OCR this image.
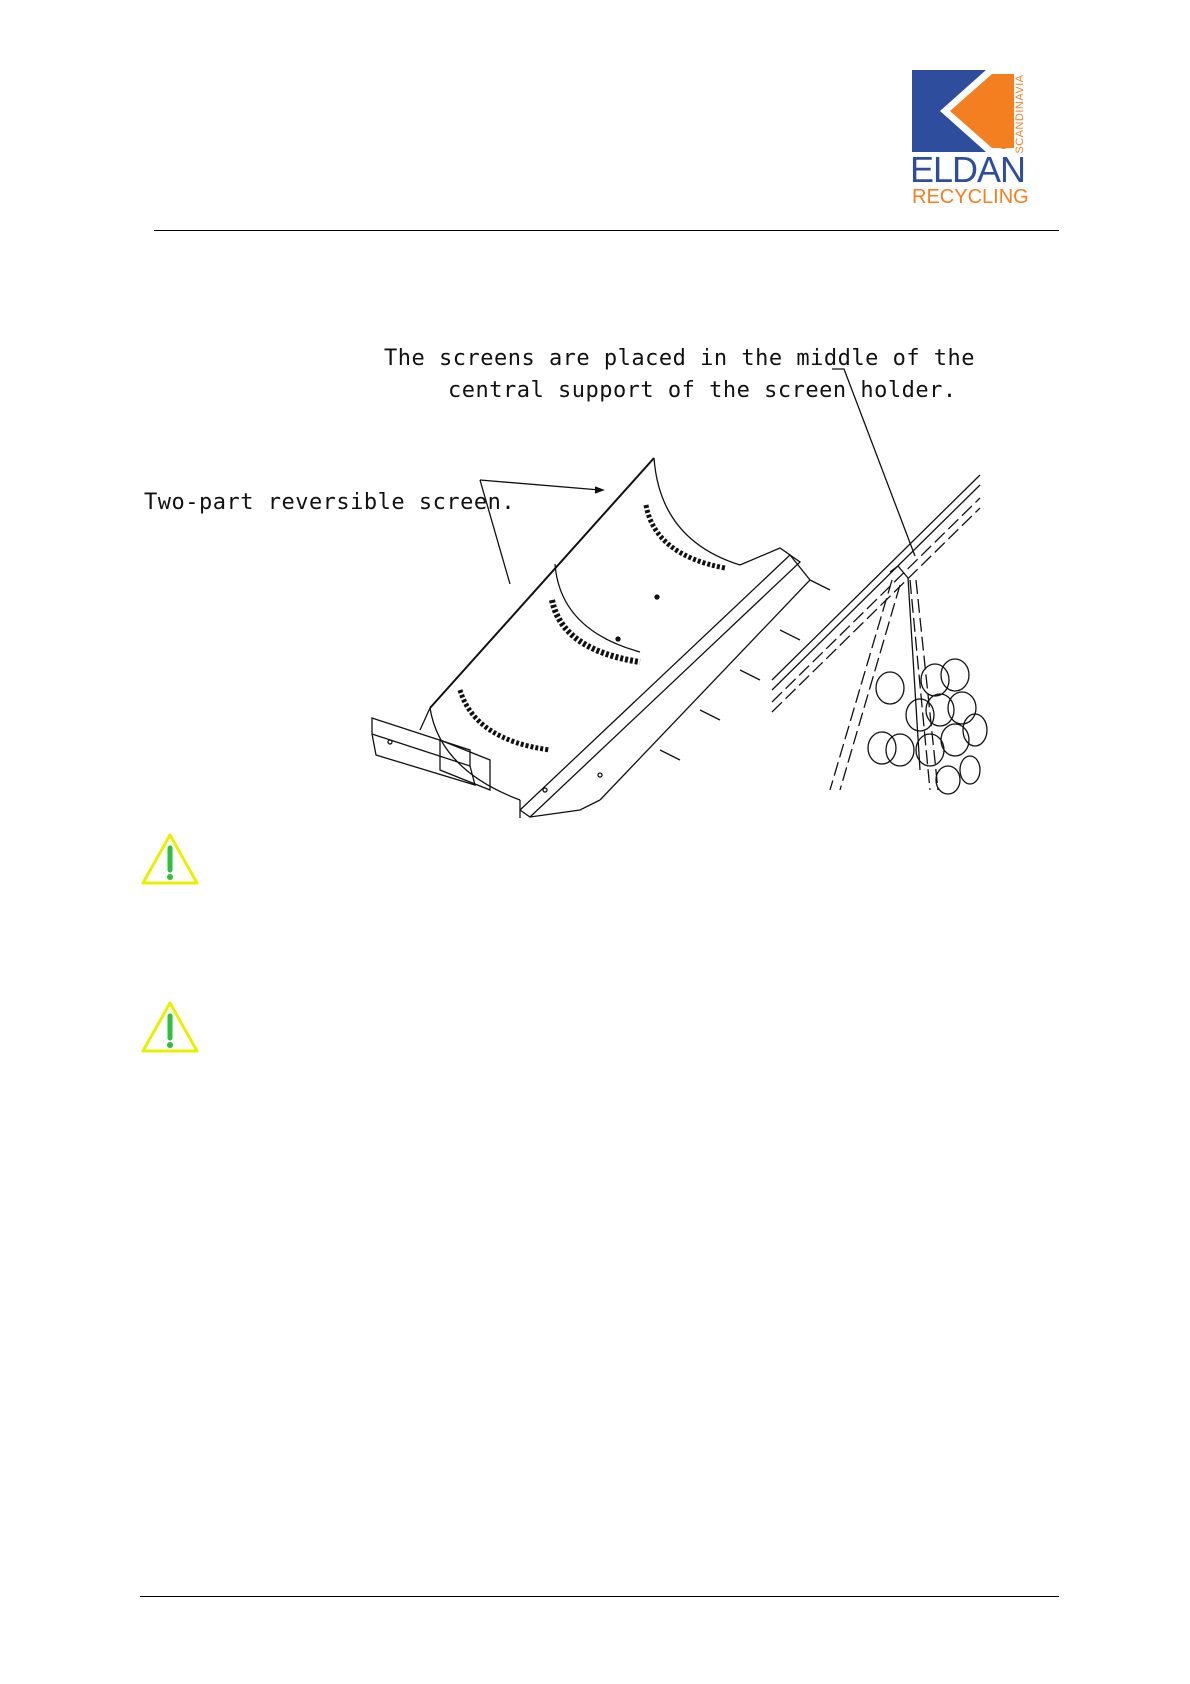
SCANDINAVIA
R
ELDAN
RECYCLING
The screens are placed in the middle of the
central support of the screen holder.
Two-part reversible screen.
